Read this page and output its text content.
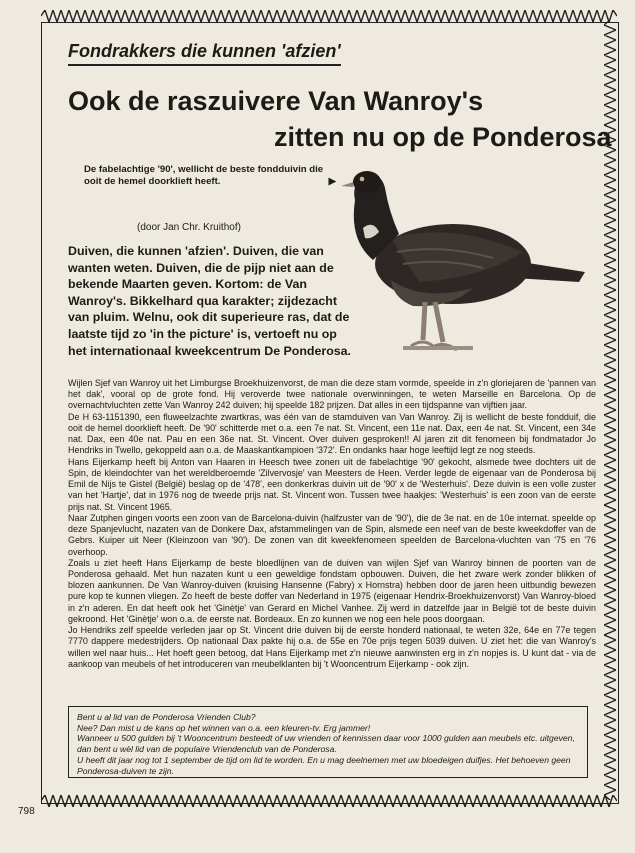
Fondrakkers die kunnen 'afzien'
Ook de raszuivere Van Wanroy's
zitten nu op de Ponderosa
De fabelachtige '90', wellicht de beste fondduivin die ooit de hemel doorklieft heeft.	▶
(door Jan Chr. Kruithof)
Duiven, die kunnen 'afzien'. Duiven, die van wanten weten. Duiven, die de pijp niet aan de bekende Maarten geven. Kortom: de Van Wanroy's. Bikkelhard qua karakter; zijdezacht van pluim. Welnu, ook dit superieure ras, dat de laatste tijd zo 'in the picture' is, vertoeft nu op het internationaal kweekcentrum De Ponderosa.

Wijlen Sjef van Wanroy uit het Limburgse Broekhuizenvorst, de man die deze stam vormde, speelde in z'n gloriejaren de 'pannen van het dak', vooral op de grote fond. Hij veroverde twee nationale overwinningen, te weten Marseille en Barcelona. Op de overnachtvluchten zette Van Wanroy 242 duiven; hij speelde 182 prijzen. Dat alles in een tijdspanne van vijftien jaar.

De H 63-1151390, een fluweelzachte zwartkras, was één van de stamduiven van Van Wanroy. Zij is wellicht de beste fondduif, die ooit de hemel doorklieft heeft. De '90' schitterde met o.a. een 7e nat. St. Vincent, een 11e nat. Dax, een 4e nat. St. Vincent, een 34e nat. Dax, een 40e nat. Pau en een 36e nat. St. Vincent. Over duiven gesproken!! Al jaren zit dit fenomeen bij fondmatador Jo Hendriks in Twello, gekoppeld aan o.a. de Maaskantkampioen '372'. En ondanks haar hoge leeftijd legt ze nog steeds.

Hans Eijerkamp heeft bij Anton van Haaren in Heesch twee zonen uit de fabelachtige '90' gekocht, alsmede twee dochters uit de Spin, de kleindochter van het wereldberoemde 'Zilvervosje' van Meesters de Heen. Verder legde de eigenaar van de Ponderosa bij Emil de Nijs te Gistel (België) beslag op de '478', een donkerkras duivin uit de '90' x de 'Westerhuis'. Deze duivin is een volle zuster van het 'Hartje', dat in 1976 nog de tweede prijs nat. St. Vincent won. Tussen twee haakjes: 'Westerhuis' is een zoon van de eerste prijs nat. St. Vincent 1965.

Naar Zutphen gingen voorts een zoon van de Barcelona-duivin (halfzuster van de '90'), die de 3e nat. en de 10e internat. speelde op deze Spanjevlucht, nazaten van de Donkere Dax, afstammelingen van de Spin, alsmede een neef van de beste kweekdoffer van de Gebrs. Kuiper uit Neer (Kleinzoon van '90'). De zonen van dit kweekfenomeen speelden de Barcelona-vluchten van '75 en '76 overhoop.

Zoals u ziet heeft Hans Eijerkamp de beste bloedlijnen van de duiven van wijlen Sjef van Wanroy binnen de poorten van de Ponderosa gehaald. Met hun nazaten kunt u een geweldige fondstam opbouwen. Duiven, die het zware werk zonder blikken of blozen aankunnen. De Van Wanroy-duiven (kruising Hansenne (Fabry) x Hornstra) hebben door de jaren heen uitbundig bewezen pure kop te kunnen vliegen. Zo heeft de beste doffer van Nederland in 1975 (eigenaar Hendrix-Broekhuizenvorst) Van Wanroy-bloed in z'n aderen. En dat heeft ook het 'Ginètje' van Gerard en Michel Vanhee. Zij werd in datzelfde jaar in België tot de beste duivin gekroond. Het 'Ginètje' won o.a. de eerste nat. Bordeaux. En zo kunnen we nog een hele poos doorgaan.

Jo Hendriks zelf speelde verleden jaar op St. Vincent drie duiven bij de eerste honderd nationaal, te weten 32e, 64e en 77e tegen 7770 dappere medestrijders. Op nationaal Dax pakte hij o.a. de 55e en 70e prijs tegen 5039 duiven. U ziet het: die van Wanroy's willen wel naar huis... Het hoeft geen betoog, dat Hans Eijerkamp met z'n nieuwe aanwinsten erg in z'n nopjes is. U kunt dat - via de aankoop van meubels of het introduceren van meubelklanten bij 't Wooncentrum Eijerkamp - ook zijn.

Bent u al lid van de Ponderosa Vrienden Club?

Nee? Dan mist u de kans op het winnen van o.a. een kleuren-tv. Erg jammer!

Wanneer u 500 gulden bij 't Wooncentrum besteedt of uw vrienden of kennissen daar voor 1000 gulden aan meubels etc. uitgeven, dan bent u wèl lid van de populaire Vriendenclub van de Ponderosa.

U heeft dit jaar nog tot 1 september de tijd om lid te worden. En u mag deelnemen met uw bloedeigen duifjes. Het behoeven geen Ponderosa-duiven te zijn.

798
